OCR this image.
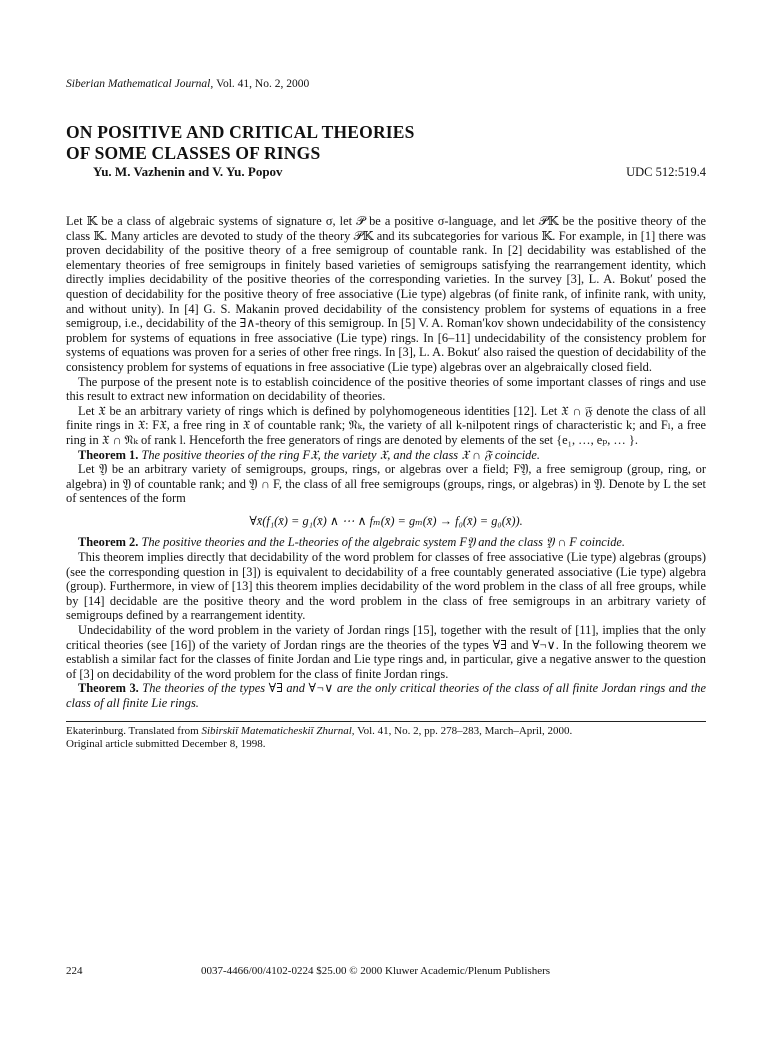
Siberian Mathematical Journal, Vol. 41, No. 2, 2000
ON POSITIVE AND CRITICAL THEORIES
OF SOME CLASSES OF RINGS
Yu. M. Vazhenin and V. Yu. Popov	UDC 512:519.4

Let 𝕂 be a class of algebraic systems of signature σ, let 𝒫 be a positive σ-language, and let 𝒫𝕂 be the positive theory of the class 𝕂. Many articles are devoted to study of the theory 𝒫𝕂 and its subcategories for various 𝕂. For example, in [1] there was proven decidability of the positive theory of a free semigroup of countable rank. In [2] decidability was established of the elementary theories of free semigroups in finitely based varieties of semigroups satisfying the rearrangement identity, which directly implies decidability of the positive theories of the corresponding varieties. In the survey [3], L. A. Bokut′ posed the question of decidability for the positive theory of free associative (Lie type) algebras (of finite rank, of infinite rank, with unity, and without unity). In [4] G. S. Makanin proved decidability of the consistency problem for systems of equations in a free semigroup, i.e., decidability of the ∃∧-theory of this semigroup. In [5] V. A. Roman′kov shown undecidability of the consistency problem for systems of equations in free associative (Lie type) rings. In [6–11] undecidability of the consistency problem for systems of equations was proven for a series of other free rings. In [3], L. A. Bokut′ also raised the question of decidability of the consistency problem for systems of equations in free associative (Lie type) algebras over an algebraically closed field.

The purpose of the present note is to establish coincidence of the positive theories of some important classes of rings and use this result to extract new information on decidability of theories.

Let 𝔛 be an arbitrary variety of rings which is defined by polyhomogeneous identities [12]. Let 𝔛 ∩ 𝔉 denote the class of all finite rings in 𝔛: F𝔛, a free ring in 𝔛 of countable rank; 𝔑ₖ, the variety of all k-nilpotent rings of characteristic k; and Fₗ, a free ring in 𝔛 ∩ 𝔑ₖ of rank l. Henceforth the free generators of rings are denoted by elements of the set {e₁, …, eₚ, … }.

Theorem 1. The positive theories of the ring F𝔛, the variety 𝔛, and the class 𝔛 ∩ 𝔉 coincide.

Let 𝔜 be an arbitrary variety of semigroups, groups, rings, or algebras over a field; F𝔜, a free semigroup (group, ring, or algebra) in 𝔜 of countable rank; and 𝔜 ∩ F, the class of all free semigroups (groups, rings, or algebras) in 𝔜. Denote by L the set of sentences of the form

∀x̄(f₁(x̄) = g₁(x̄) ∧ ⋯ ∧ fₘ(x̄) = gₘ(x̄) → f₀(x̄) = g₀(x̄)).

Theorem 2. The positive theories and the L-theories of the algebraic system F𝔜 and the class 𝔜 ∩ F coincide.

This theorem implies directly that decidability of the word problem for classes of free associative (Lie type) algebras (groups) (see the corresponding question in [3]) is equivalent to decidability of a free countably generated associative (Lie type) algebra (group). Furthermore, in view of [13] this theorem implies decidability of the word problem in the class of all free groups, while by [14] decidable are the positive theory and the word problem in the class of free semigroups in an arbitrary variety of semigroups defined by a rearrangement identity.

Undecidability of the word problem in the variety of Jordan rings [15], together with the result of [11], implies that the only critical theories (see [16]) of the variety of Jordan rings are the theories of the types ∀∃ and ∀¬∨. In the following theorem we establish a similar fact for the classes of finite Jordan and Lie type rings and, in particular, give a negative answer to the question of [3] on decidability of the word problem for the class of finite Jordan rings.

Theorem 3. The theories of the types ∀∃ and ∀¬∨ are the only critical theories of the class of all finite Jordan rings and the class of all finite Lie rings.

Ekaterinburg. Translated from Sibirskiĭ Matematicheskiĭ Zhurnal, Vol. 41, No. 2, pp. 278–283, March–April, 2000.
Original article submitted December 8, 1998.
224	0037-4466/00/4102-0224 $25.00 © 2000 Kluwer Academic/Plenum Publishers
